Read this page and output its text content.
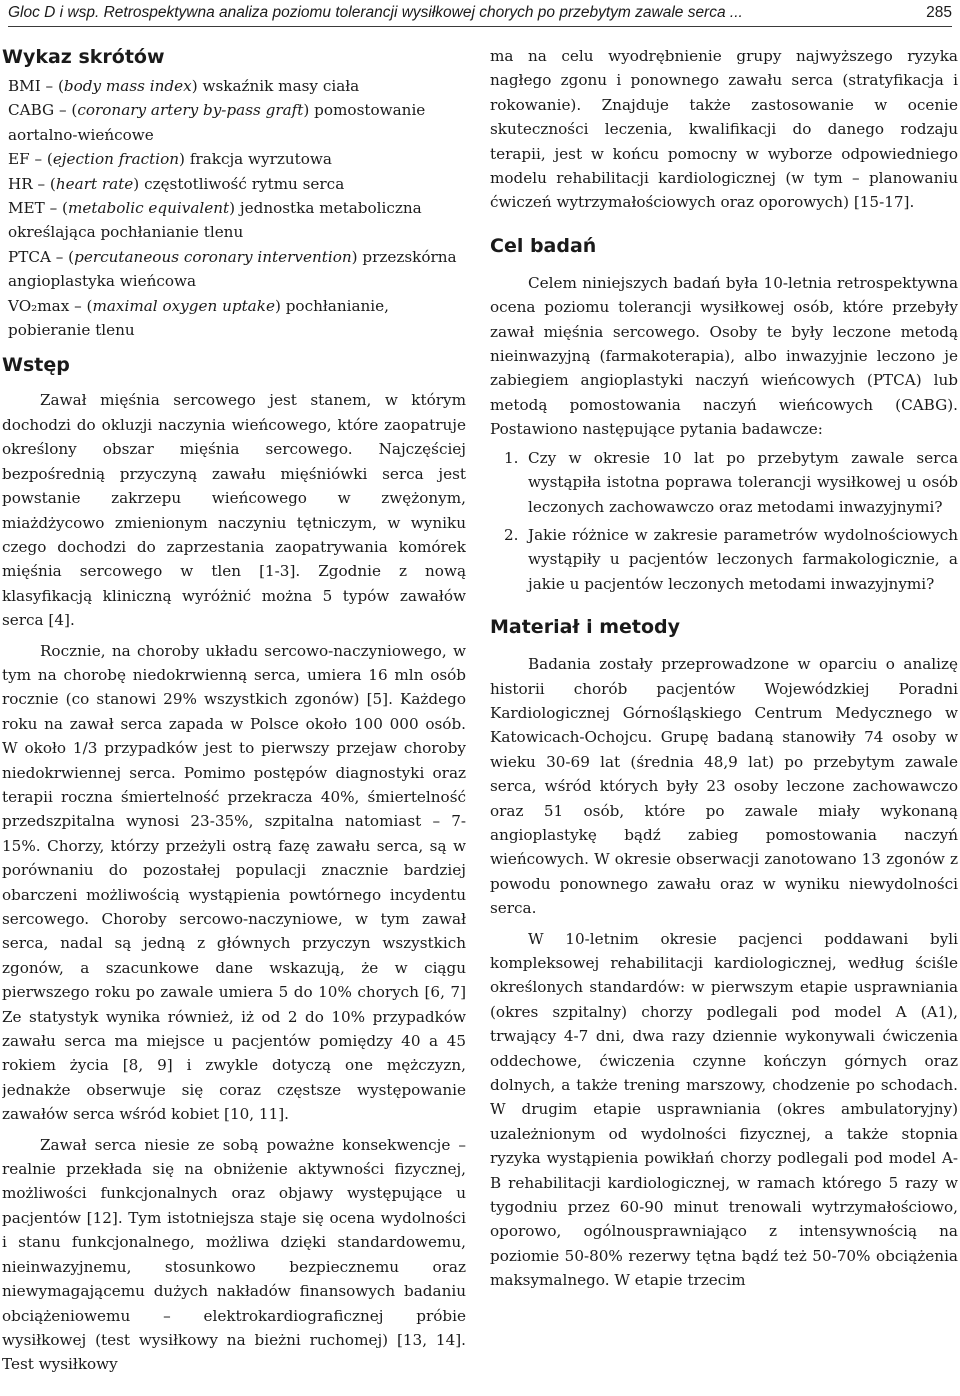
Gloc D i wsp. Retrospektywna analiza poziomu tolerancji wysiłkowej chorych po przebytym zawale serca ...	285
Wykaz skrótów
BMI – (body mass index) wskaźnik masy ciała
CABG – (coronary artery by-pass graft) pomostowanie aortalno-wieńcowe
EF – (ejection fraction) frakcja wyrzutowa
HR – (heart rate) częstotliwość rytmu serca
MET – (metabolic equivalent) jednostka metaboliczna określająca pochłanianie tlenu
PTCA – (percutaneous coronary intervention) przezskórna angioplastyka wieńcowa
VO₂max – (maximal oxygen uptake) pochłanianie, pobieranie tlenu
Wstęp

Zawał mięśnia sercowego jest stanem, w którym dochodzi do okluzji naczynia wieńcowego, które zaopatruje określony obszar mięśnia sercowego. Najczęściej bezpośrednią przyczyną zawału mięśniówki serca jest powstanie zakrzepu wieńcowego w zwężonym, miażdżycowo zmienionym naczyniu tętniczym, w wyniku czego dochodzi do zaprzestania zaopatrywania komórek mięśnia sercowego w tlen [1-3]. Zgodnie z nową klasyfikacją kliniczną wyróżnić można 5 typów zawałów serca [4].

Rocznie, na choroby układu sercowo-naczyniowego, w tym na chorobę niedokrwienną serca, umiera 16 mln osób rocznie (co stanowi 29% wszystkich zgonów) [5]. Każdego roku na zawał serca zapada w Polsce około 100 000 osób. W około 1/3 przypadków jest to pierwszy przejaw choroby niedokrwiennej serca. Pomimo postępów diagnostyki oraz terapii roczna śmiertelność przekracza 40%, śmiertelność przedszpitalna wynosi 23-35%, szpitalna natomiast – 7-15%. Chorzy, którzy przeżyli ostrą fazę zawału serca, są w porównaniu do pozostałej populacji znacznie bardziej obarczeni możliwością wystąpienia powtórnego incydentu sercowego. Choroby sercowo-naczyniowe, w tym zawał serca, nadal są jedną z głównych przyczyn wszystkich zgonów, a szacunkowe dane wskazują, że w ciągu pierwszego roku po zawale umiera 5 do 10% chorych [6, 7] Ze statystyk wynika również, iż od 2 do 10% przypadków zawału serca ma miejsce u pacjentów pomiędzy 40 a 45 rokiem życia [8, 9] i zwykle dotyczą one mężczyzn, jednakże obserwuje się coraz częstsze występowanie zawałów serca wśród kobiet [10, 11].

Zawał serca niesie ze sobą poważne konsekwencje – realnie przekłada się na obniżenie aktywności fizycznej, możliwości funkcjonalnych oraz objawy występujące u pacjentów [12]. Tym istotniejsza staje się ocena wydolności i stanu funkcjonalnego, możliwa dzięki standardowemu, nieinwazyjnemu, stosunkowo bezpiecznemu oraz niewymagającemu dużych nakładów finansowych badaniu obciążeniowemu – elektrokardiograficznej próbie wysiłkowej (test wysiłkowy na bieżni ruchomej) [13, 14]. Test wysiłkowy

ma na celu wyodrębnienie grupy najwyższego ryzyka nagłego zgonu i ponownego zawału serca (stratyfikacja i rokowanie). Znajduje także zastosowanie w ocenie skuteczności leczenia, kwalifikacji do danego rodzaju terapii, jest w końcu pomocny w wyborze odpowiedniego modelu rehabilitacji kardiologicznej (w tym – planowaniu ćwiczeń wytrzymałościowych oraz oporowych) [15-17].

Cel badań

Celem niniejszych badań była 10-letnia retrospektywna ocena poziomu tolerancji wysiłkowej osób, które przebyły zawał mięśnia sercowego. Osoby te były leczone metodą nieinwazyjną (farmakoterapia), albo inwazyjnie leczono je zabiegiem angioplastyki naczyń wieńcowych (PTCA) lub metodą pomostowania naczyń wieńcowych (CABG). Postawiono następujące pytania badawcze:

1. Czy w okresie 10 lat po przebytym zawale serca wystąpiła istotna poprawa tolerancji wysiłkowej u osób leczonych zachowawczo oraz metodami inwazyjnymi?
2. Jakie różnice w zakresie parametrów wydolnościowych wystąpiły u pacjentów leczonych farmakologicznie, a jakie u pacjentów leczonych metodami inwazyjnymi?
Materiał i metody

Badania zostały przeprowadzone w oparciu o analizę historii chorób pacjentów Wojewódzkiej Poradni Kardiologicznej Górnośląskiego Centrum Medycznego w Katowicach-Ochojcu. Grupę badaną stanowiły 74 osoby w wieku 30-69 lat (średnia 48,9 lat) po przebytym zawale serca, wśród których były 23 osoby leczone zachowawczo oraz 51 osób, które po zawale miały wykonaną angioplastykę bądź zabieg pomostowania naczyń wieńcowych. W okresie obserwacji zanotowano 13 zgonów z powodu ponownego zawału oraz w wyniku niewydolności serca.

W 10-letnim okresie pacjenci poddawani byli kompleksowej rehabilitacji kardiologicznej, według ściśle określonych standardów: w pierwszym etapie usprawniania (okres szpitalny) chorzy podlegali pod model A (A1), trwający 4-7 dni, dwa razy dziennie wykonywali ćwiczenia oddechowe, ćwiczenia czynne kończyn górnych oraz dolnych, a także trening marszowy, chodzenie po schodach. W drugim etapie usprawniania (okres ambulatoryjny) uzależnionym od wydolności fizycznej, a także stopnia ryzyka wystąpienia powikłań chorzy podlegali pod model A-B rehabilitacji kardiologicznej, w ramach którego 5 razy w tygodniu przez 60-90 minut trenowali wytrzymałościowo, oporowo, ogólnousprawniająco z intensywnością na poziomie 50-80% rezerwy tętna bądź też 50-70% obciążenia maksymalnego. W etapie trzecim
